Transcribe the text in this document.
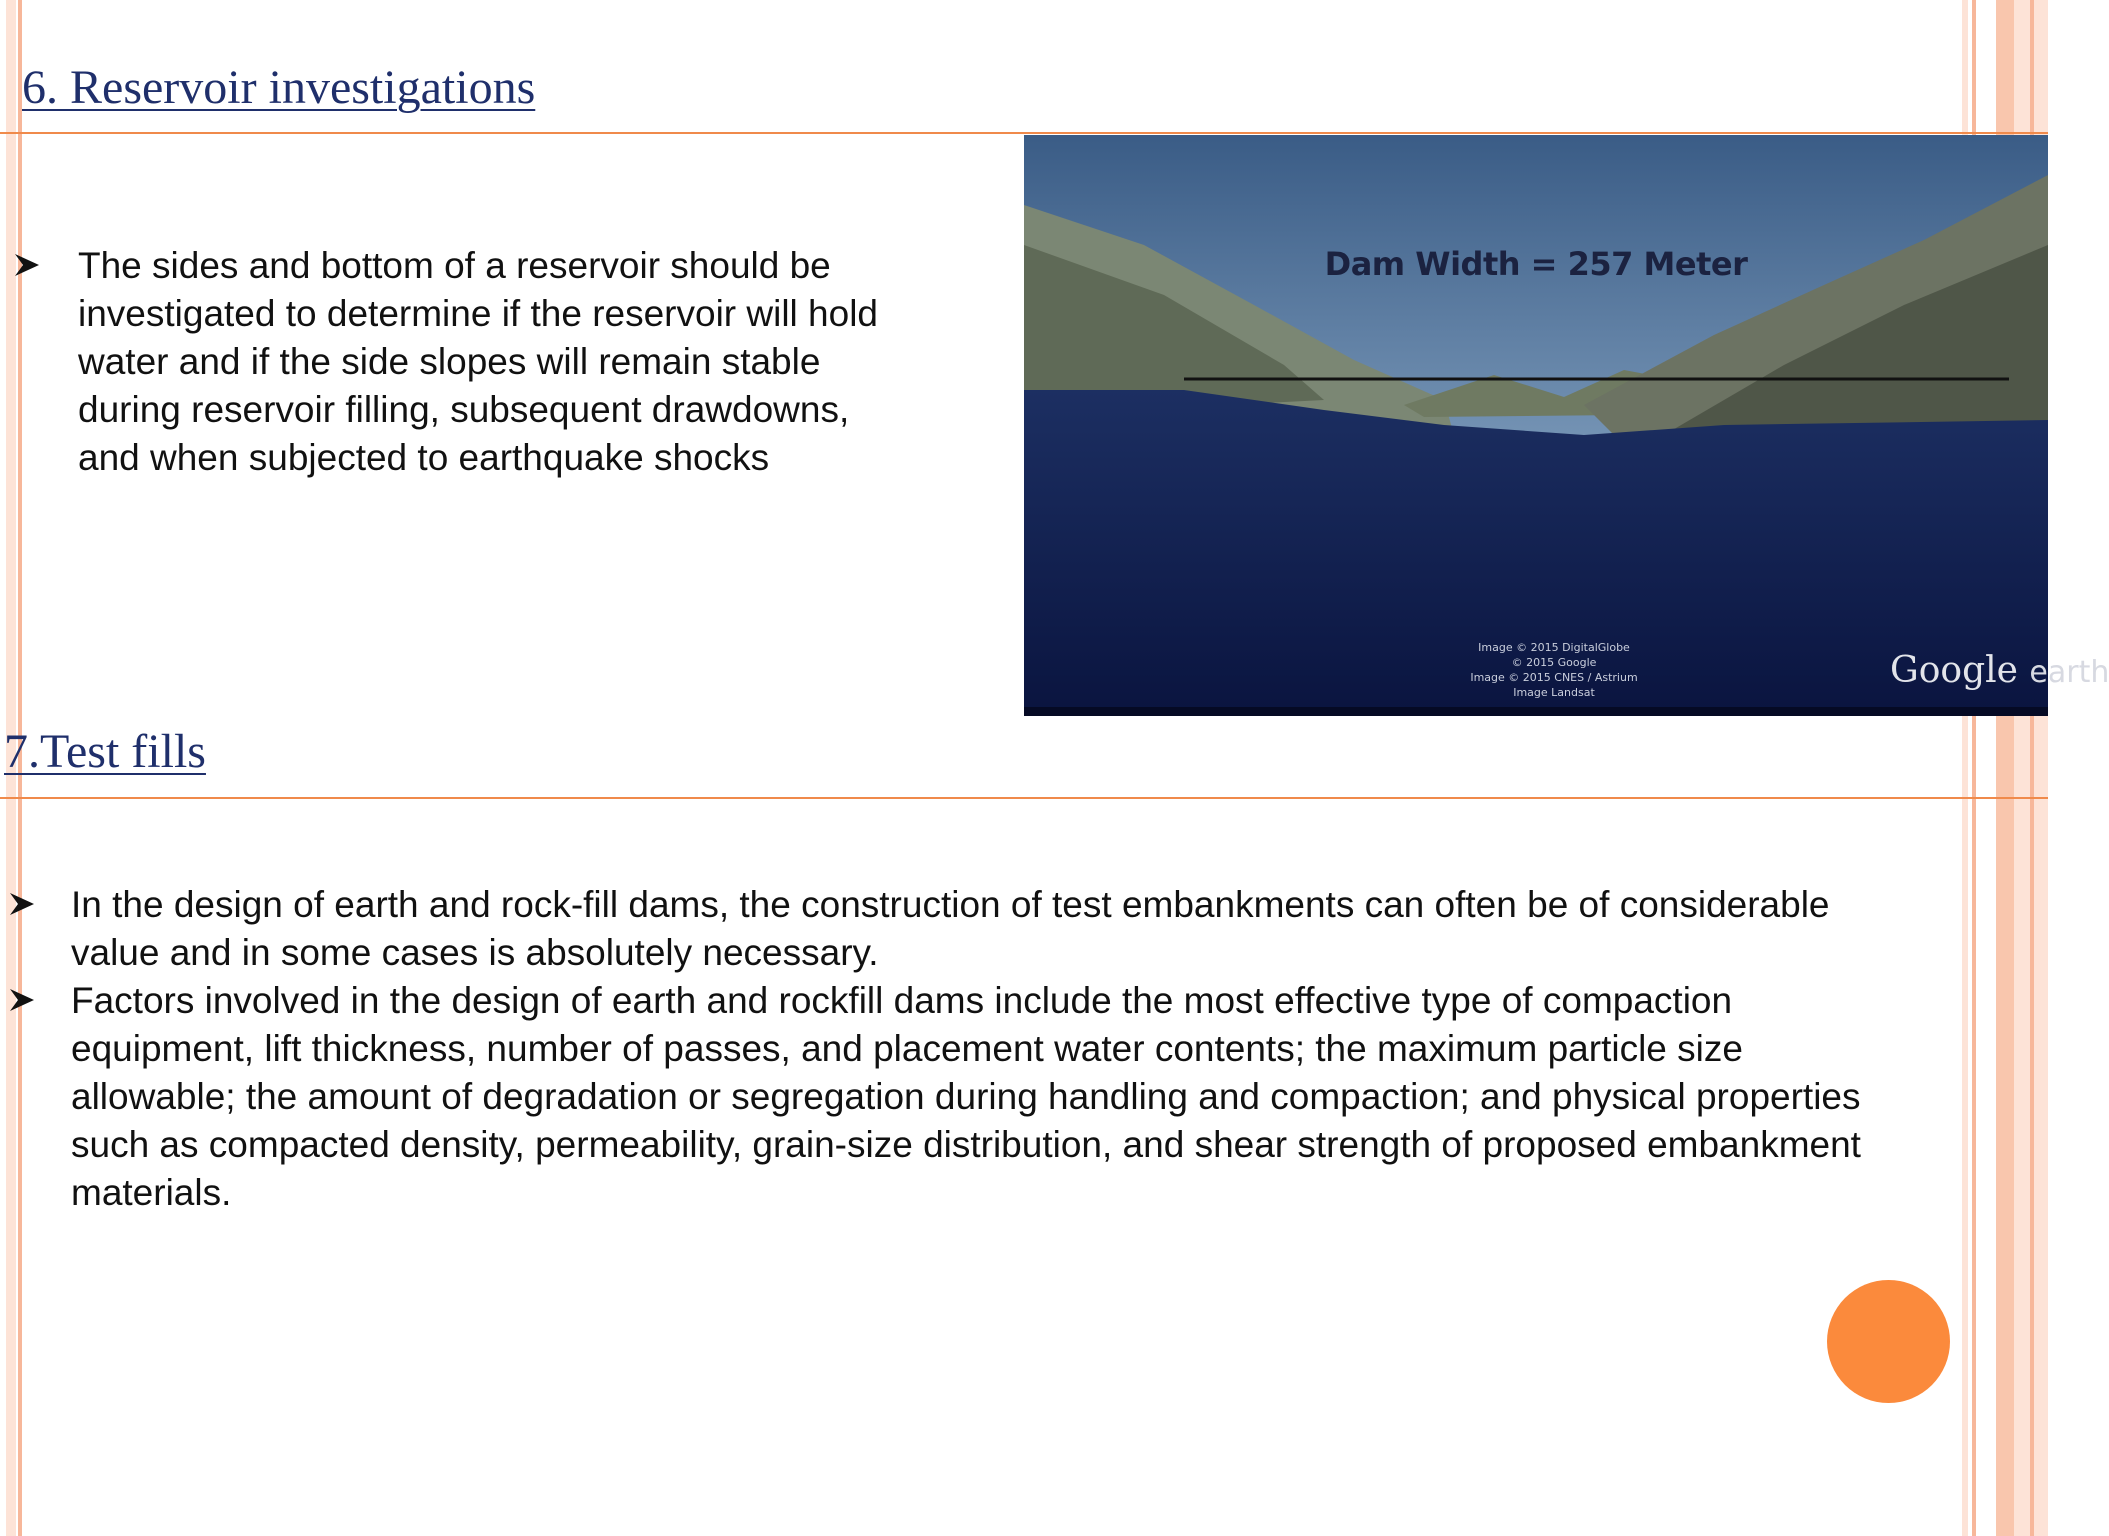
6. Reservoir investigations
The sides and bottom of a reservoir should be investigated to determine if the reservoir will hold water and if the side slopes will remain stable during reservoir filling, subsequent drawdowns, and when subjected to earthquake shocks
Dam Width = 257 Meter
Image © 2015 DigitalGlobe
© 2015 Google
Image © 2015 CNES / Astrium
Image Landsat
Google earth
7.Test fills
In the design of earth and rock-fill dams, the construction of test embankments can often be of considerable value and in some cases is absolutely necessary.
Factors involved in the design of earth and rockfill dams include the most effective type of compaction equipment, lift thickness, number of passes, and placement water contents; the maximum particle size allowable; the amount of degradation or segregation during handling and compaction; and physical properties such as compacted density, permeability, grain-size distribution, and shear strength of proposed embankment materials.
